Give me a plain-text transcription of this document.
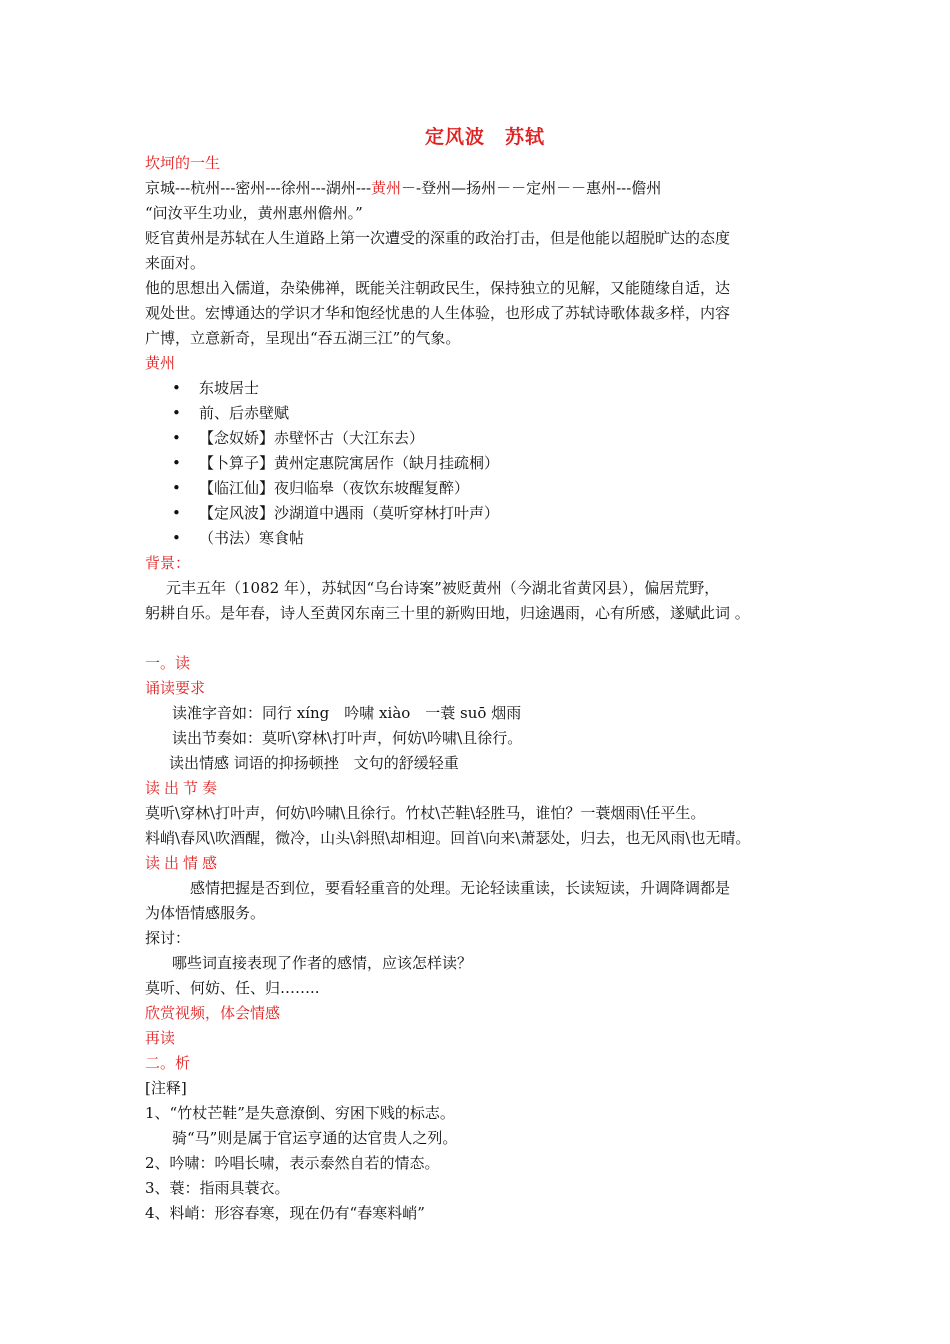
定风波　苏轼
坎坷的一生
京城---杭州---密州---徐州---湖州---黄州－-登州—扬州－－定州－－惠州---儋州
“问汝平生功业，黄州惠州儋州。”
贬官黄州是苏轼在人生道路上第一次遭受的深重的政治打击，但是他能以超脱旷达的态度
来面对。
他的思想出入儒道，杂染佛禅，既能关注朝政民生，保持独立的见解，又能随缘自适，达
观处世。宏博通达的学识才华和饱经忧患的人生体验，也形成了苏轼诗歌体裁多样，内容
广博，立意新奇，呈现出“吞五湖三江”的气象。
黄州
• 东坡居士
• 前、后赤壁赋
• 【念奴娇】赤壁怀古（大江东去）
• 【卜算子】黄州定惠院寓居作（缺月挂疏桐）
• 【临江仙】夜归临皋（夜饮东坡醒复醉）
• 【定风波】沙湖道中遇雨（莫听穿林打叶声）
• （书法）寒食帖
背景：
元丰五年（1082 年），苏轼因“乌台诗案”被贬黄州（今湖北省黄冈县），偏居荒野，
躬耕自乐。是年春，诗人至黄冈东南三十里的新购田地，归途遇雨，心有所感，遂赋此词 。
一。读
诵读要求
读准字音如：同行 xíng　吟啸 xiào　一蓑 suō 烟雨
读出节奏如：莫听\穿林\打叶声，何妨\吟啸\且徐行。
读出情感 词语的抑扬顿挫　文句的舒缓轻重
读出节奏
莫听\穿林\打叶声，何妨\吟啸\且徐行。竹杖\芒鞋\轻胜马，谁怕？一蓑烟雨\任平生。
料峭\春风\吹酒醒，微冷，山头\斜照\却相迎。回首\向来\萧瑟处，归去，也无风雨\也无晴。
读出情感
感情把握是否到位，要看轻重音的处理。无论轻读重读，长读短读，升调降调都是
为体悟情感服务。
探讨：
哪些词直接表现了作者的感情，应该怎样读？
莫听、何妨、任、归……..
欣赏视频，体会情感
再读
二。析
[注释]
1、“竹杖芒鞋”是失意潦倒、穷困下贱的标志。
骑“马”则是属于官运亨通的达官贵人之列。
2、吟啸：吟唱长啸，表示泰然自若的情态。
3、蓑：指雨具蓑衣。
4、料峭：形容春寒，现在仍有“春寒料峭”
